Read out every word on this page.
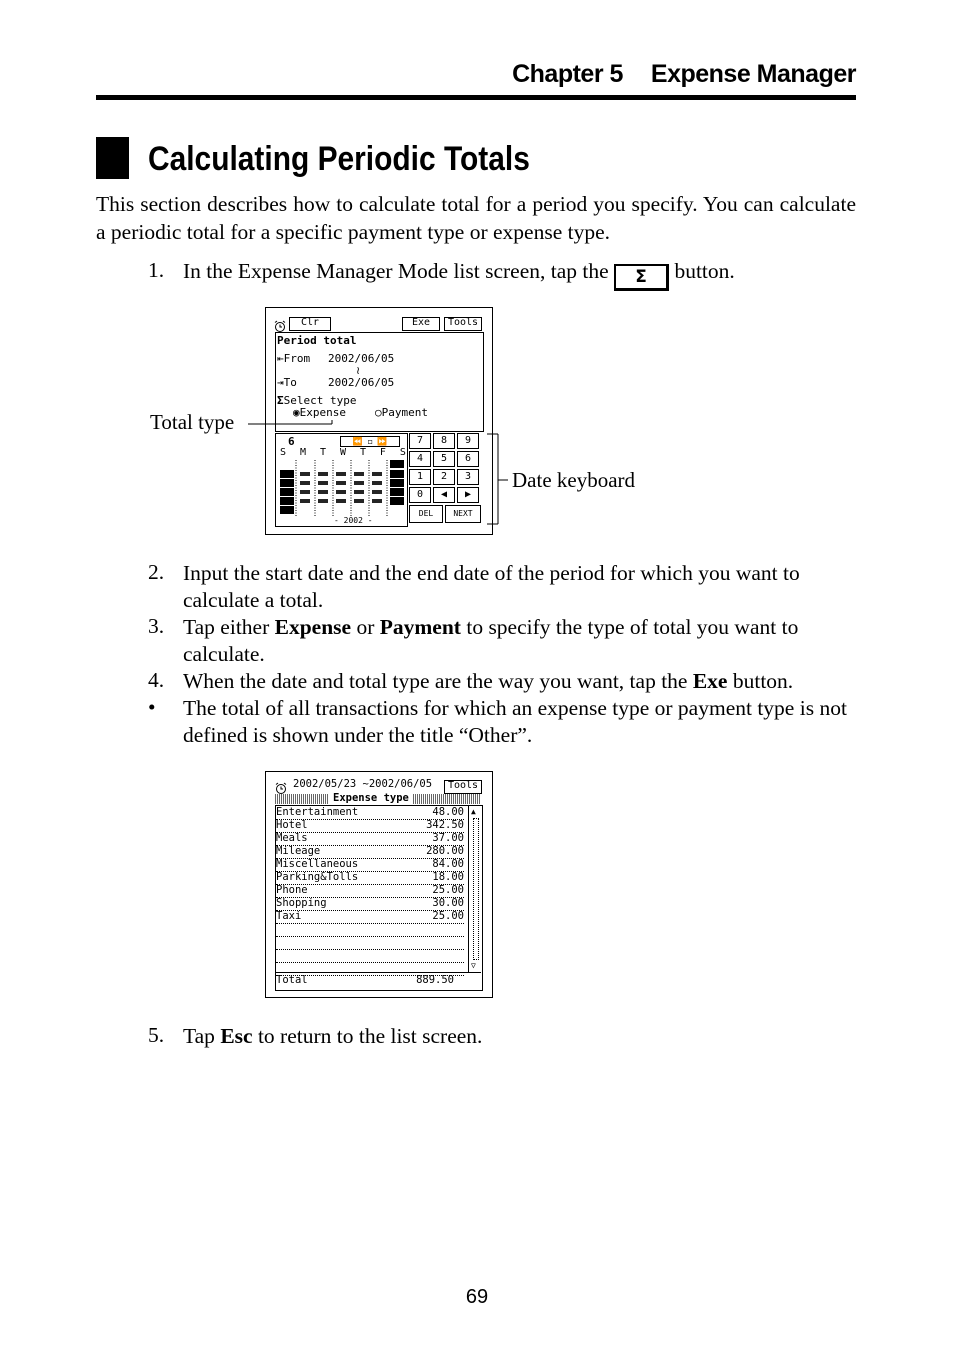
Chapter 5 Expense Manager
Calculating Periodic Totals
This section describes how to calculate total for a period you specify. You can calculate a periodic total for a specific payment type or expense type.
1. In the Expense Manager Mode list screen, tap the Σ button.
Clr	Exe	Tools
Period total
⇤From 2002/06/05
≀
⇥To	2002/06/05
ΣSelect type
◉Expense	○Payment
6	⏪ ◻ ⏩
S M T W T F S
- 2002 -
7	8	9
4	5	6
1	2	3
0	◀	▶
DEL	NEXT
Total type
Date keyboard
2. Input the start date and the end date of the period for which you want to calculate a total.
3. Tap either Expense or Payment to specify the type of total you want to calculate.
4. When the date and total type are the way you want, tap the Exe button.
• The total of all transactions for which an expense type or payment type is not defined is shown under the title “Other”.
2002/05/23 ~2002/06/05	Tools
Expense type
▲
▽
Entertainment	48.00
Hotel	342.50
Meals	37.00
Mileage	280.00
Miscellaneous	84.00
Parking&Tolls	18.00
Phone	25.00
Shopping	30.00
Taxi	25.00
Total	889.50
5. Tap Esc to return to the list screen.
69
